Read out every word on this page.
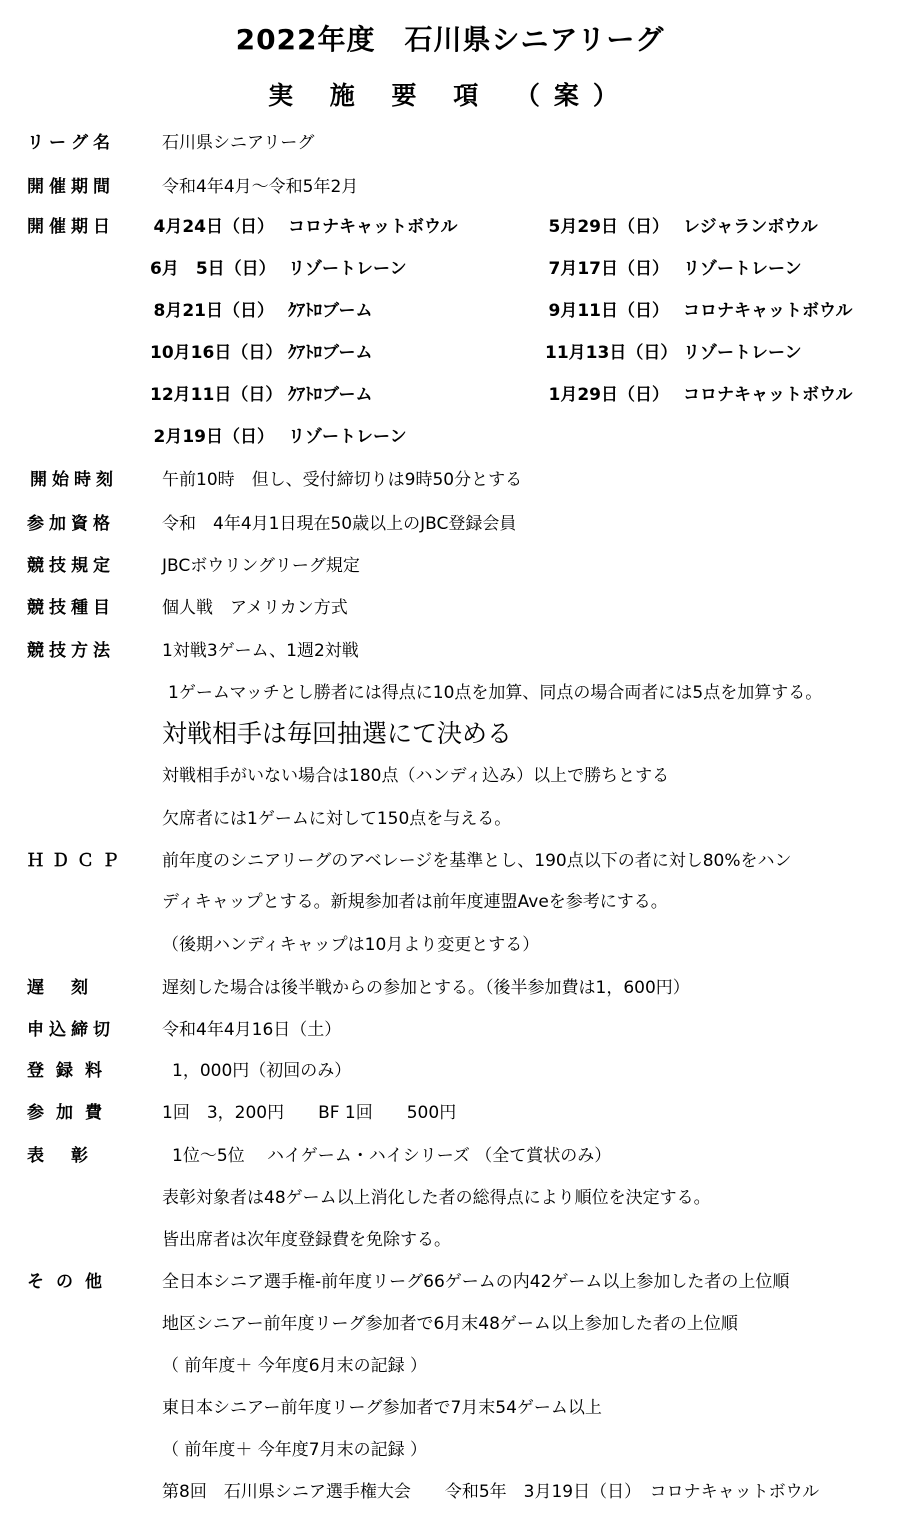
2022年度　石川県シニアリーグ
実 施 要 項 （案）
リーグ名	石川県シニアリーグ
開催期間	令和4年4月～令和5年2月
開催期日 4月24日（日） コロナキャットボウル	5月29日（日） レジャランボウル
6月　5日（日） リゾートレーン	7月17日（日） リゾートレーン
8月21日（日） ｸｱﾄﾛブーム	9月11日（日） コロナキャットボウル
10月16日（日） ｸｱﾄﾛブーム	11月13日（日） リゾートレーン
12月11日（日） ｸｱﾄﾛブーム	1月29日（日） コロナキャットボウル
2月19日（日） リゾートレーン
開始時刻	午前10時　但し、受付締切りは9時50分とする
参加資格	令和　4年4月1日現在50歳以上のJBC登録会員
競技規定	JBCボウリングリーグ規定
競技種目	個人戦　アメリカン方式
競技方法	1対戦3ゲーム、1週2対戦
1ゲームマッチとし勝者には得点に10点を加算、同点の場合両者には5点を加算する。
対戦相手は毎回抽選にて決める
対戦相手がいない場合は180点（ハンディ込み）以上で勝ちとする
欠席者には1ゲームに対して150点を与える。
ＨＤＣＰ 前年度のシニアリーグのアベレージを基準とし、190点以下の者に対し80%をハン
ディキャップとする。新規参加者は前年度連盟Aveを参考にする。
（後期ハンディキャップは10月より変更とする）
遅　刻	遅刻した場合は後半戦からの参加とする。（後半参加費は1，600円）
申込締切	令和4年4月16日（土）
登録料	1，000円（初回のみ）
参加費	1回　3，200円　　BF 1回　　500円
表　彰	1位～5位　 ハイゲーム・ハイシリーズ （全て賞状のみ）
表彰対象者は48ゲーム以上消化した者の総得点により順位を決定する。
皆出席者は次年度登録費を免除する。
その他	全日本シニア選手権-前年度リーグ66ゲームの内42ゲーム以上参加した者の上位順
地区シニアー前年度リーグ参加者で6月末48ゲーム以上参加した者の上位順
（ 前年度＋ 今年度6月末の記録 ）
東日本シニアー前年度リーグ参加者で7月末54ゲーム以上
（ 前年度＋ 今年度7月末の記録 ）
第8回　石川県シニア選手権大会　　令和5年　3月19日（日）　コロナキャットボウル
